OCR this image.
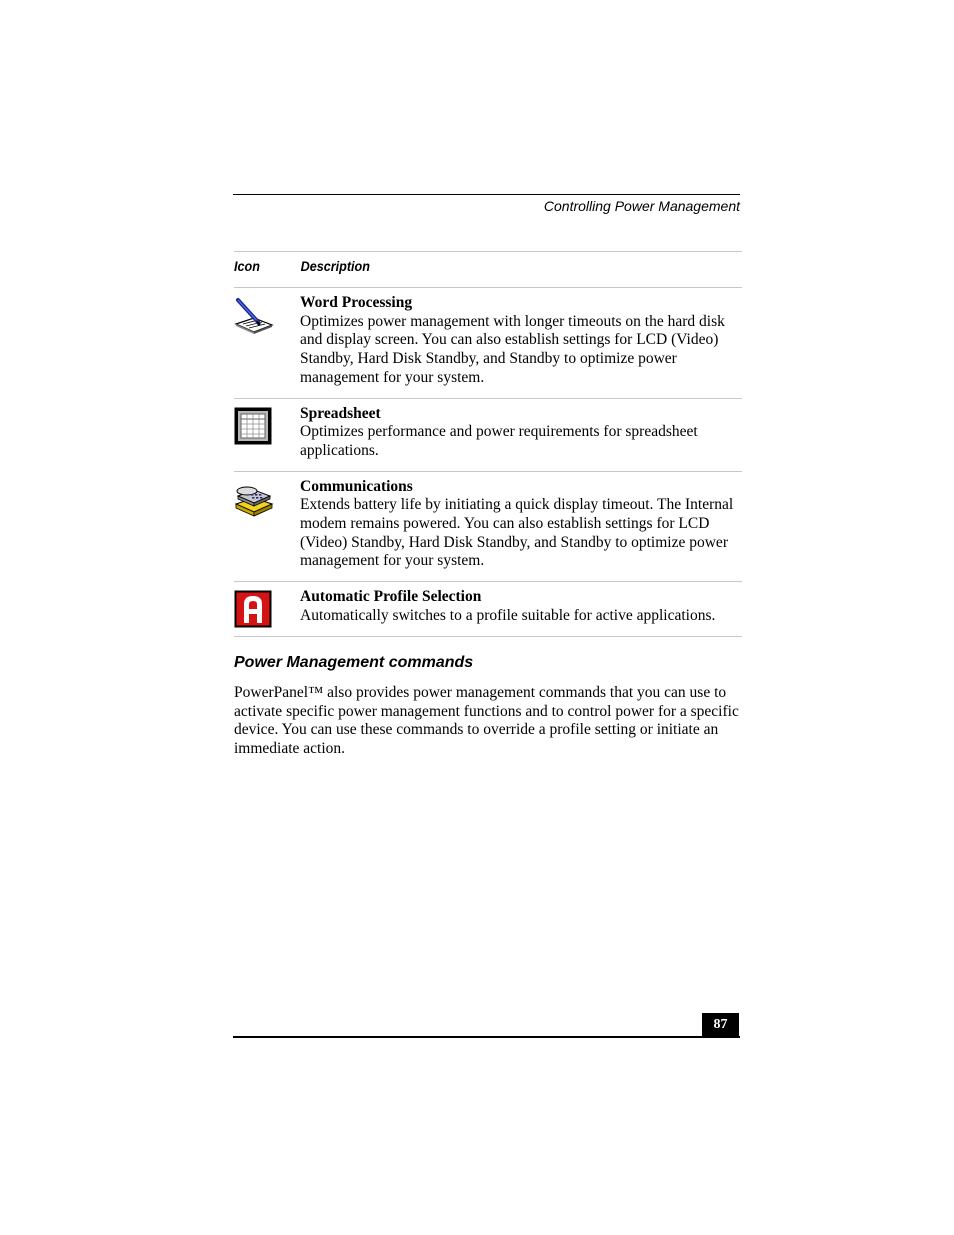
Controlling Power Management
Icon	Description
Word Processing
Optimizes power management with longer timeouts on the hard disk and display screen. You can also establish settings for LCD (Video) Standby, Hard Disk Standby, and Standby to optimize power management for your system.
Spreadsheet
Optimizes performance and power requirements for spreadsheet applications.
Communications
Extends battery life by initiating a quick display timeout. The Internal modem remains powered. You can also establish settings for LCD (Video) Standby, Hard Disk Standby, and Standby to optimize power management for your system.
Automatic Profile Selection
Automatically switches to a profile suitable for active applications.
Power Management commands
PowerPanel™ also provides power management commands that you can use to activate specific power management functions and to control power for a specific device. You can use these commands to override a profile setting or initiate an immediate action.
87
